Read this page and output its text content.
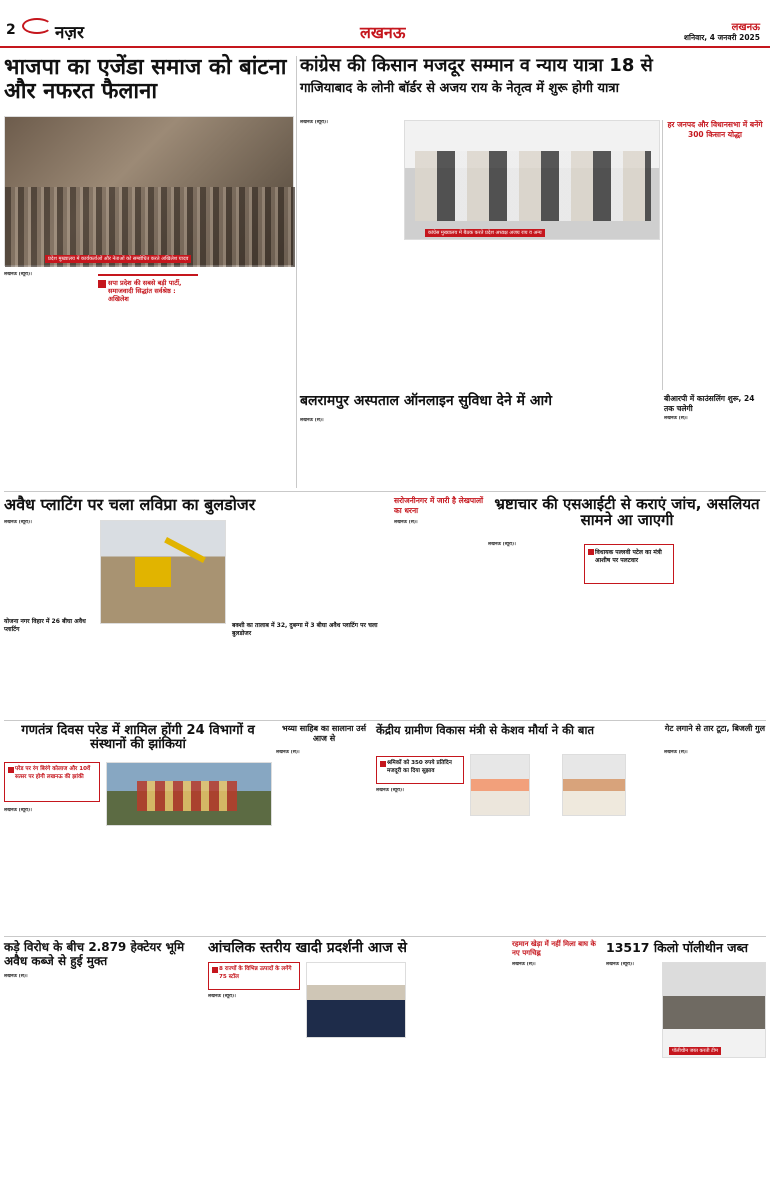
2 नज़र	लखनऊ	लखनऊ
शनिवार, 4 जनवरी 2025
भाजपा का एजेंडा समाज को बांटना और नफरत फैलाना
प्रदेश मुख्यालय में कार्यकर्ताओं और नेताओं को सम्बोधित करते अखिलेश यादव

लखनऊ (ब्यूरो)।

सपा प्रदेश की सबसे बड़ी पार्टी, समाजवादी सिद्धांत सर्वश्रेष्ठ : अखिलेश
कांग्रेस की किसान मजदूर सम्मान व न्याय यात्रा 18 से
गाजियाबाद के लोनी बॉर्डर से अजय राय के नेतृत्व में शुरू होगी यात्रा

लखनऊ (ब्यूरो)।

कांग्रेस मुख्यालय में बैठक करते प्रदेश अध्यक्ष अजय राय व अन्य
हर जनपद और विधानसभा में बनेंगे 300 किसान योद्धा
बलरामपुर अस्पताल ऑनलाइन सुविधा देने में आगे

लखनऊ (सं)।

बीआरपी में काउंसलिंग शुरू, 24 तक चलेगी

लखनऊ (सं)।

अवैध प्लाटिंग पर चला लविप्रा का बुलडोजर

लखनऊ (ब्यूरो)।

योजना नगर विहार में 26 बीघा अवैध प्लाटिंग	बक्शी का तालाब में 32, दुबग्गा में 3 बीघा अवैध प्लाटिंग पर चला बुलडोजर
सरोजनीनगर में जारी है लेखपालों का धरना

लखनऊ (सं)।

भ्रष्टाचार की एसआईटी से कराएं जांच, असलियत सामने आ जाएगी

लखनऊ (ब्यूरो)।

विधायक पल्लवी पटेल का मंत्री आशीष पर पलटवार
गणतंत्र दिवस परेड में शामिल होंगी 24 विभागों व संस्थानों की झांकियां
परेड पर रंग बिरंगे कोलाज और 10वें सत्सर पर होगी लखनऊ की झांकी

लखनऊ (ब्यूरो)।

भय्या साहिब का सालाना उर्स आज से

लखनऊ (सं)।

केंद्रीय ग्रामीण विकास मंत्री से केशव मौर्या ने की बात
श्रमिकों को 350 रुपये प्रतिदिन मजदूरी का दिया सुझाव

लखनऊ (ब्यूरो)।

गेट लगाने से तार टूटा, बिजली गुल

लखनऊ (सं)।

कड़े विरोध के बीच 2.879 हेक्टेयर भूमि अवैध कब्जे से हुई मुक्त

लखनऊ (सं)।

आंचलिक स्तरीय खादी प्रदर्शनी आज से
8 राज्यों के विभिन्न उत्पादों के लगेंगे 75 स्टॉल

लखनऊ (ब्यूरो)।

रहमान खेड़ा में नहीं मिला बाघ के नए पगचिह्न

लखनऊ (सं)।

13517 किलो पॉलीथीन जब्त

लखनऊ (ब्यूरो)।

पॉलीथीन जब्त करती टीम
